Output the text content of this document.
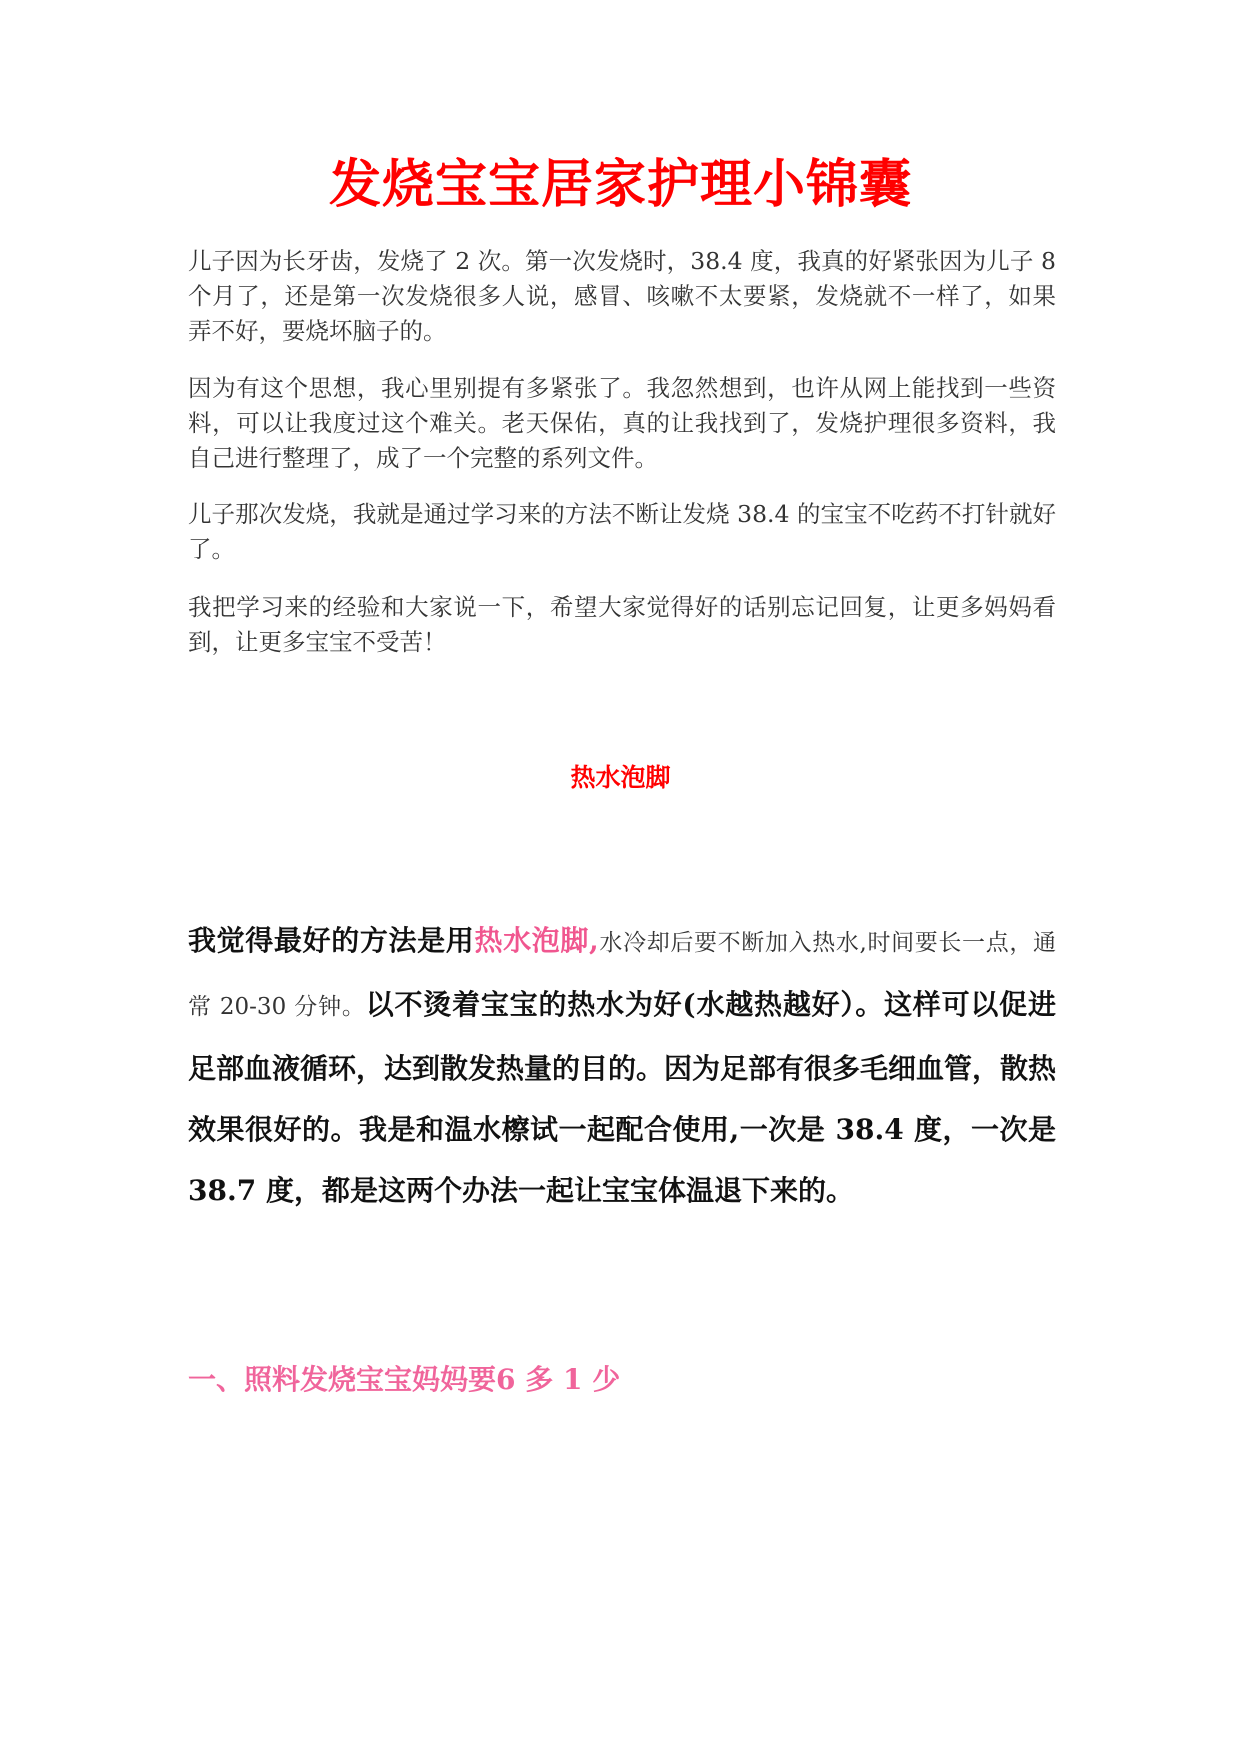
发烧宝宝居家护理小锦囊

儿子因为长牙齿，发烧了 2 次。第一次发烧时，38.4 度，我真的好紧张因为儿子 8 个月了，还是第一次发烧很多人说，感冒、咳嗽不太要紧，发烧就不一样了，如果弄不好，要烧坏脑子的。

因为有这个思想，我心里别提有多紧张了。我忽然想到，也许从网上能找到一些资料，可以让我度过这个难关。老天保佑，真的让我找到了，发烧护理很多资料，我自己进行整理了，成了一个完整的系列文件。

儿子那次发烧，我就是通过学习来的方法不断让发烧 38.4 的宝宝不吃药不打针就好了。

我把学习来的经验和大家说一下，希望大家觉得好的话别忘记回复，让更多妈妈看到，让更多宝宝不受苦！

热水泡脚

我觉得最好的方法是用热水泡脚,水冷却后要不断加入热水,时间要长一点，通常 20-30 分钟。以不烫着宝宝的热水为好(水越热越好）。这样可以促进足部血液循环，达到散发热量的目的。因为足部有很多毛细血管，散热效果很好的。我是和温水檫试一起配合使用,一次是 38.4 度，一次是 38.7 度，都是这两个办法一起让宝宝体温退下来的。

一、照料发烧宝宝妈妈要6 多 1 少
